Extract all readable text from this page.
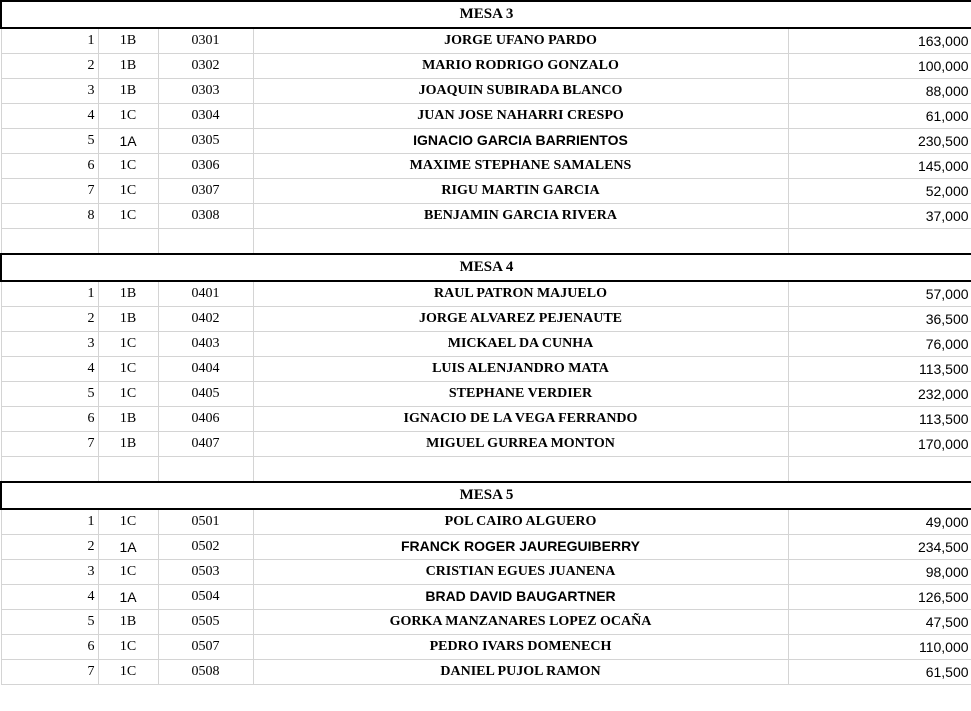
MESA 3				
1	1B	0301	JORGE UFANO PARDO	163,000
2	1B	0302	MARIO RODRIGO GONZALO	100,000
3	1B	0303	JOAQUIN SUBIRADA BLANCO	88,000
4	1C	0304	JUAN JOSE NAHARRI CRESPO	61,000
5	1A	0305	IGNACIO GARCIA BARRIENTOS	230,500
6	1C	0306	MAXIME STEPHANE SAMALENS	145,000
7	1C	0307	RIGU MARTIN GARCIA	52,000
8	1C	0308	BENJAMIN GARCIA RIVERA	37,000

MESA 4				
1	1B	0401	RAUL PATRON MAJUELO	57,000
2	1B	0402	JORGE ALVAREZ PEJENAUTE	36,500
3	1C	0403	MICKAEL DA CUNHA	76,000
4	1C	0404	LUIS ALENJANDRO MATA	113,500
5	1C	0405	STEPHANE VERDIER	232,000
6	1B	0406	IGNACIO DE LA VEGA FERRANDO	113,500
7	1B	0407	MIGUEL GURREA MONTON	170,000

MESA 5				
1	1C	0501	POL CAIRO ALGUERO	49,000
2	1A	0502	FRANCK ROGER JAUREGUIBERRY	234,500
3	1C	0503	CRISTIAN EGUES JUANENA	98,000
4	1A	0504	BRAD DAVID BAUGARTNER	126,500
5	1B	0505	GORKA MANZANARES LOPEZ OCAÑA	47,500
6	1C	0507	PEDRO IVARS DOMENECH	110,000
7	1C	0508	DANIEL PUJOL RAMON	61,500
